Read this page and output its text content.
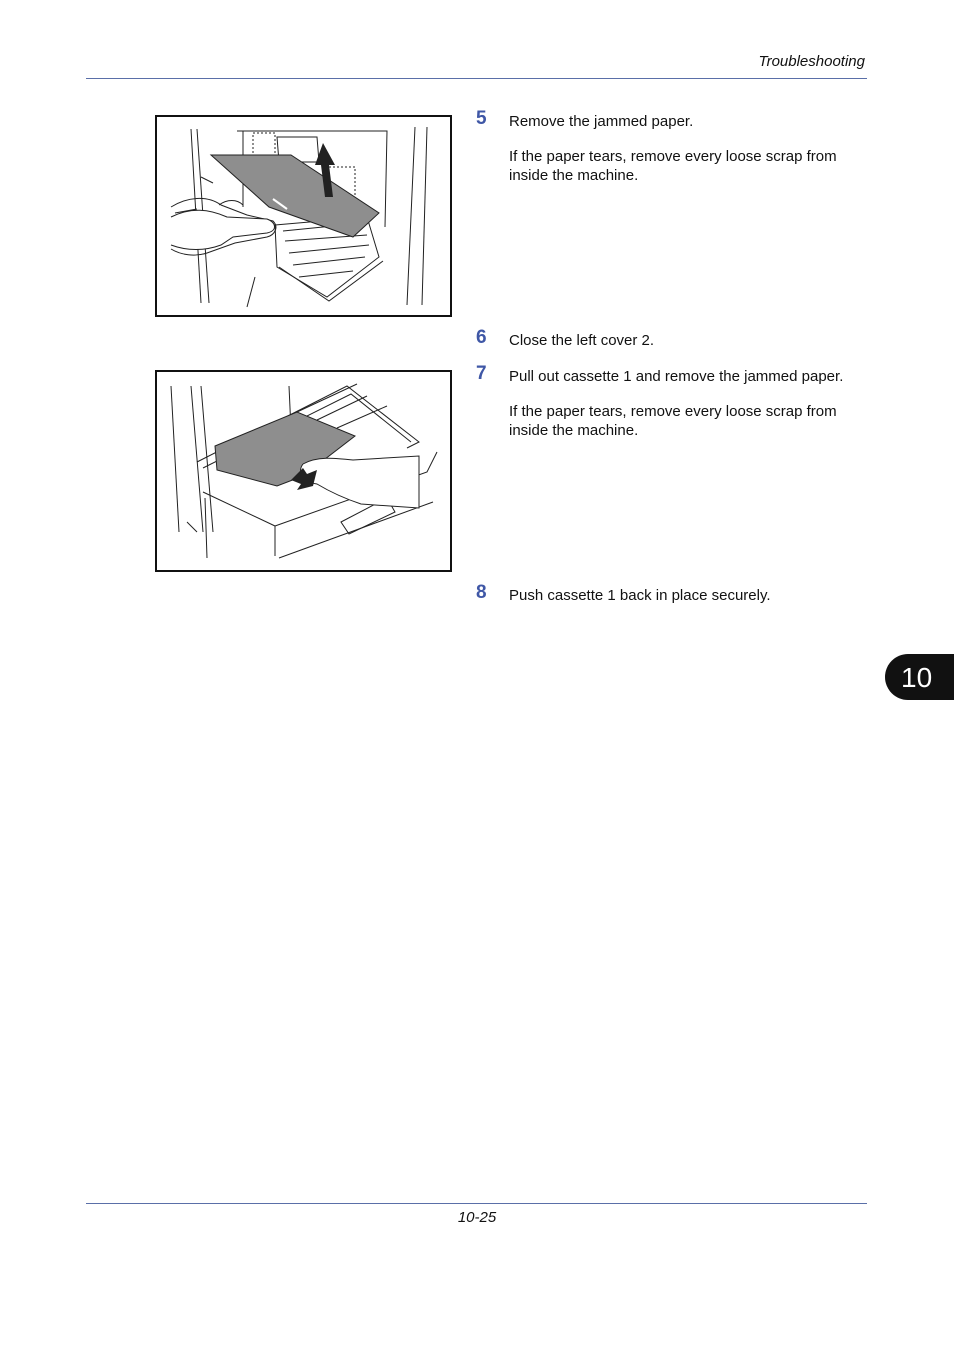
Troubleshooting
5 Remove the jammed paper.
If the paper tears, remove every loose scrap from inside the machine.
6 Close the left cover 2.
7 Pull out cassette 1 and remove the jammed paper.
If the paper tears, remove every loose scrap from inside the machine.
8 Push cassette 1 back in place securely.
10
10-25
